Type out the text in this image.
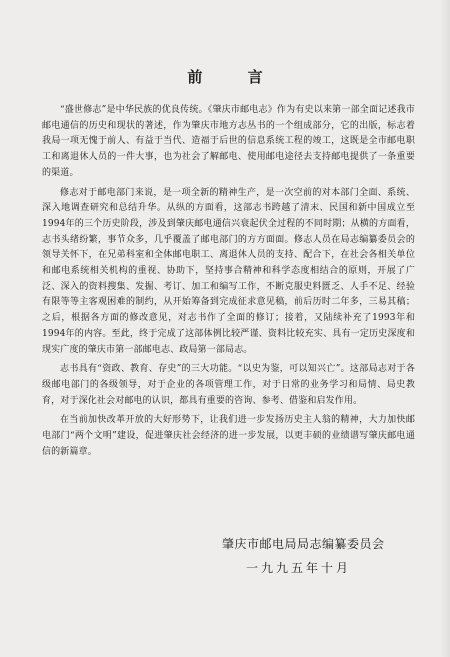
前 言

“盛世修志”是中华民族的优良传统。《肇庆市邮电志》作为有史以来第一部全面记述我市邮电通信的历史和现状的著述，作为肇庆市地方志丛书的一个组成部分，它的出版，标志着我局一项无愧于前人、有益于当代、造福于后世的信息系统工程的竣工，这既是全市邮电职工和离退休人员的一件大事，也为社会了解邮电、使用邮电途径去支持邮电提供了一条重要的渠道。

修志对于邮电部门来说，是一项全新的精神生产，是一次空前的对本部门全面、系统、深入地调查研究和总结升华。从纵的方面看，这部志书跨越了清末、民国和新中国成立至1994年的三个历史阶段，涉及到肇庆邮电通信兴衰起伏全过程的不同时期；从横的方面看，志书头绪纷繁，事节众多，几乎覆盖了邮电部门的方方面面。修志人员在局志编纂委员会的领导关怀下，在兄弟科室和全体邮电职工、离退休人员的支持、配合下，在社会各相关单位和邮电系统相关机构的重视、协助下，坚持事合精神和科学态度相结合的原则，开展了广泛、深入的资料搜集、发掘、考订、加工和编写工作，不断克服史料匮乏、人手不足、经验有限等等主客观困难的制约，从开始筹备到完成征求意见稿，前后历时二年多，三易其稿；之后，根据各方面的修改意见，对志书作了全面的修订；接着，又陆续补充了1993年和1994年的内容。至此，终于完成了这部体例比较严谨、资料比较充实、具有一定历史深度和现实广度的肇庆市第一部邮电志、政局第一部局志。

志书具有“资政、教育、存史”的三大功能。“以史为鉴，可以知兴亡”。这部局志对于各级邮电部门的各级领导，对于企业的各项管理工作，对于日常的业务学习和局情、局史教育，对于深化社会对邮电的认识，都具有重要的咨询、参考、借鉴和启发作用。

在当前加快改革开放的大好形势下，让我们进一步发扬历史主人翁的精神，大力加快邮电部门“两个文明”建设，促进肇庆社会经济的进一步发展，以更丰硕的业绩谱写肇庆邮电通信的新篇章。

肇庆市邮电局局志编纂委员会
一九九五年十月
